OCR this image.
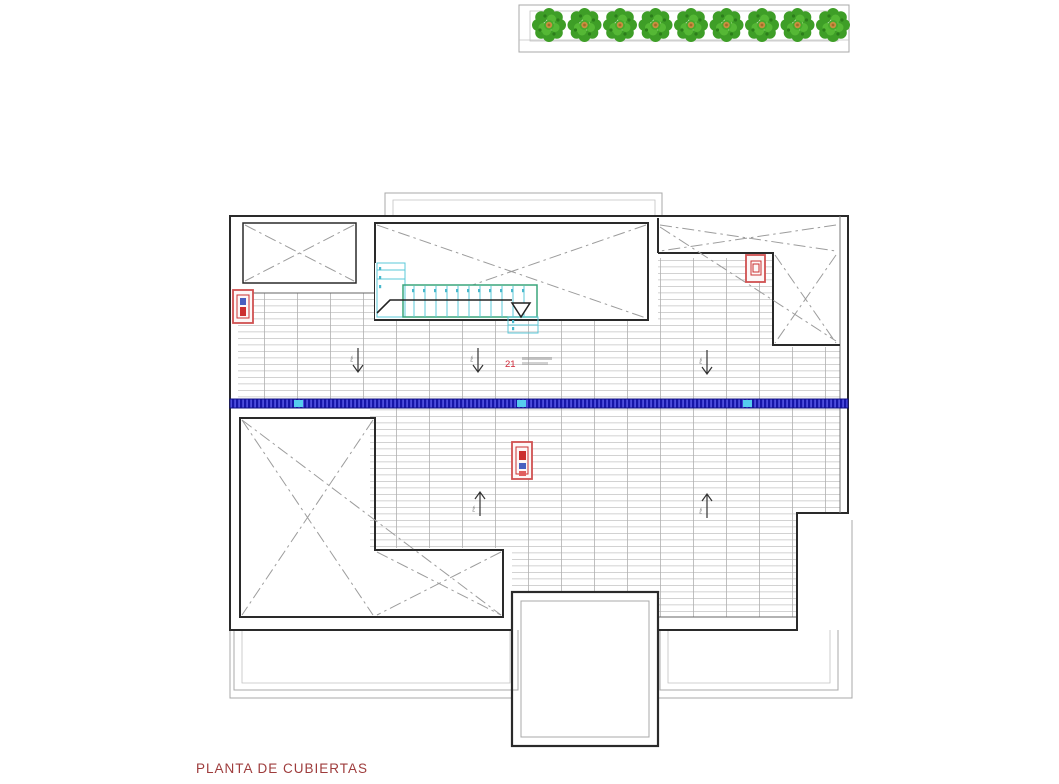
Pte.	Pte.	Pte.
Pte.	Pte.
21
PLANTA DE CUBIERTAS
